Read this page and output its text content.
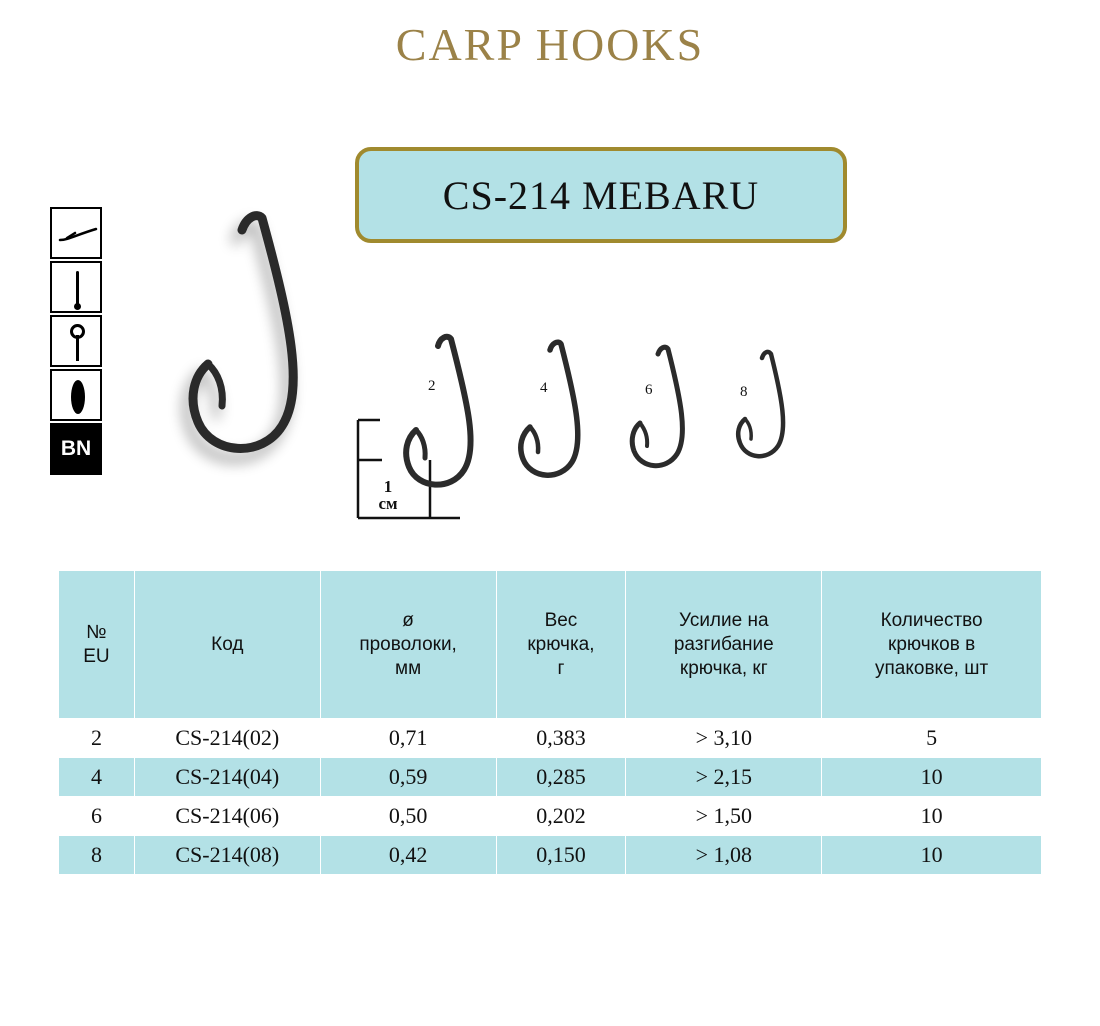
CARP HOOKS
CS-214 MEBARU
BN
2	4	6	8
1
см
№
EU	Код	ø
проволоки,
мм	Вес
крючка,
г	Усилие на
разгибание
крючка, кг	Количество
крючков в
упаковке, шт
2	CS-214(02)	0,71	0,383	> 3,10	5
4	CS-214(04)	0,59	0,285	> 2,15	10
6	CS-214(06)	0,50	0,202	> 1,50	10
8	CS-214(08)	0,42	0,150	> 1,08	10
